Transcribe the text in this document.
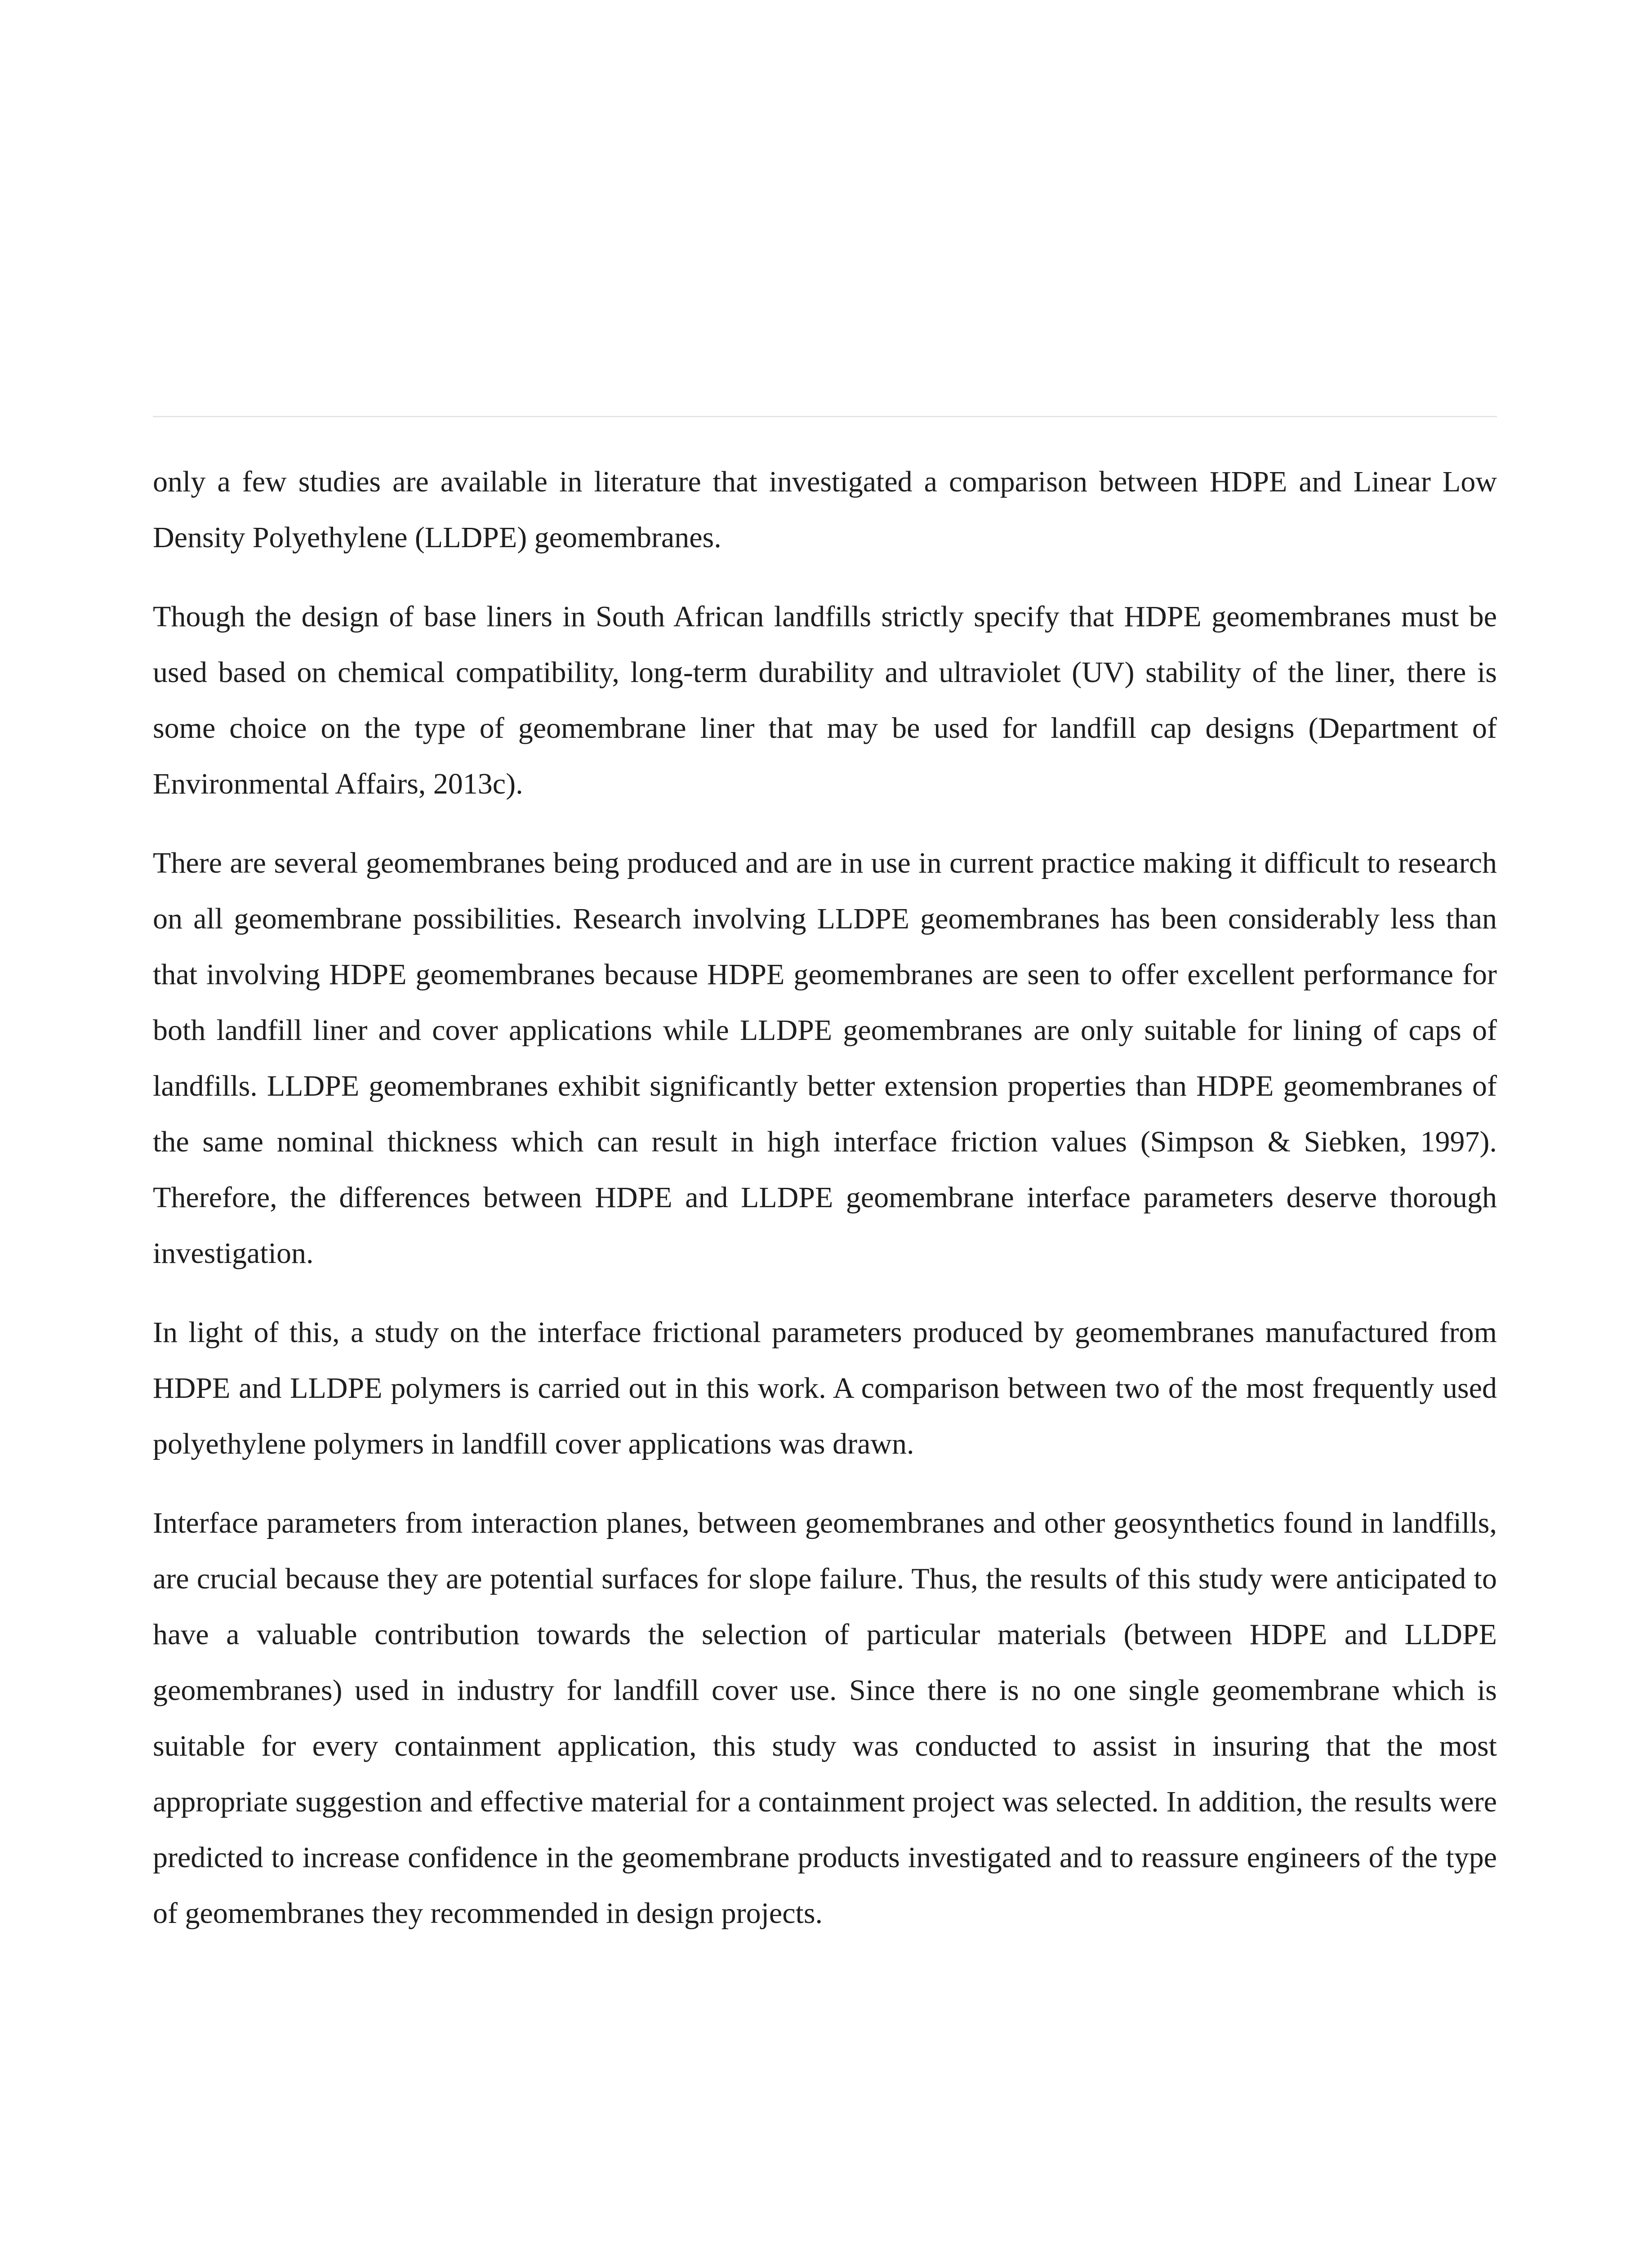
only a few studies are available in literature that investigated a comparison between HDPE and Linear Low Density Polyethylene (LLDPE) geomembranes.

Though the design of base liners in South African landfills strictly specify that HDPE geomembranes must be used based on chemical compatibility, long-term durability and ultraviolet (UV) stability of the liner, there is some choice on the type of geomembrane liner that may be used for landfill cap designs (Department of Environmental Affairs, 2013c).

There are several geomembranes being produced and are in use in current practice making it difficult to research on all geomembrane possibilities. Research involving LLDPE geomembranes has been considerably less than that involving HDPE geomembranes because HDPE geomembranes are seen to offer excellent performance for both landfill liner and cover applications while LLDPE geomembranes are only suitable for lining of caps of landfills. LLDPE geomembranes exhibit significantly better extension properties than HDPE geomembranes of the same nominal thickness which can result in high interface friction values (Simpson & Siebken, 1997). Therefore, the differences between HDPE and LLDPE geomembrane interface parameters deserve thorough investigation.

In light of this, a study on the interface frictional parameters produced by geomembranes manufactured from HDPE and LLDPE polymers is carried out in this work. A comparison between two of the most frequently used polyethylene polymers in landfill cover applications was drawn.

Interface parameters from interaction planes, between geomembranes and other geosynthetics found in landfills, are crucial because they are potential surfaces for slope failure. Thus, the results of this study were anticipated to have a valuable contribution towards the selection of particular materials (between HDPE and LLDPE geomembranes) used in industry for landfill cover use. Since there is no one single geomembrane which is suitable for every containment application, this study was conducted to assist in insuring that the most appropriate suggestion and effective material for a containment project was selected. In addition, the results were predicted to increase confidence in the geomembrane products investigated and to reassure engineers of the type of geomembranes they recommended in design projects.
